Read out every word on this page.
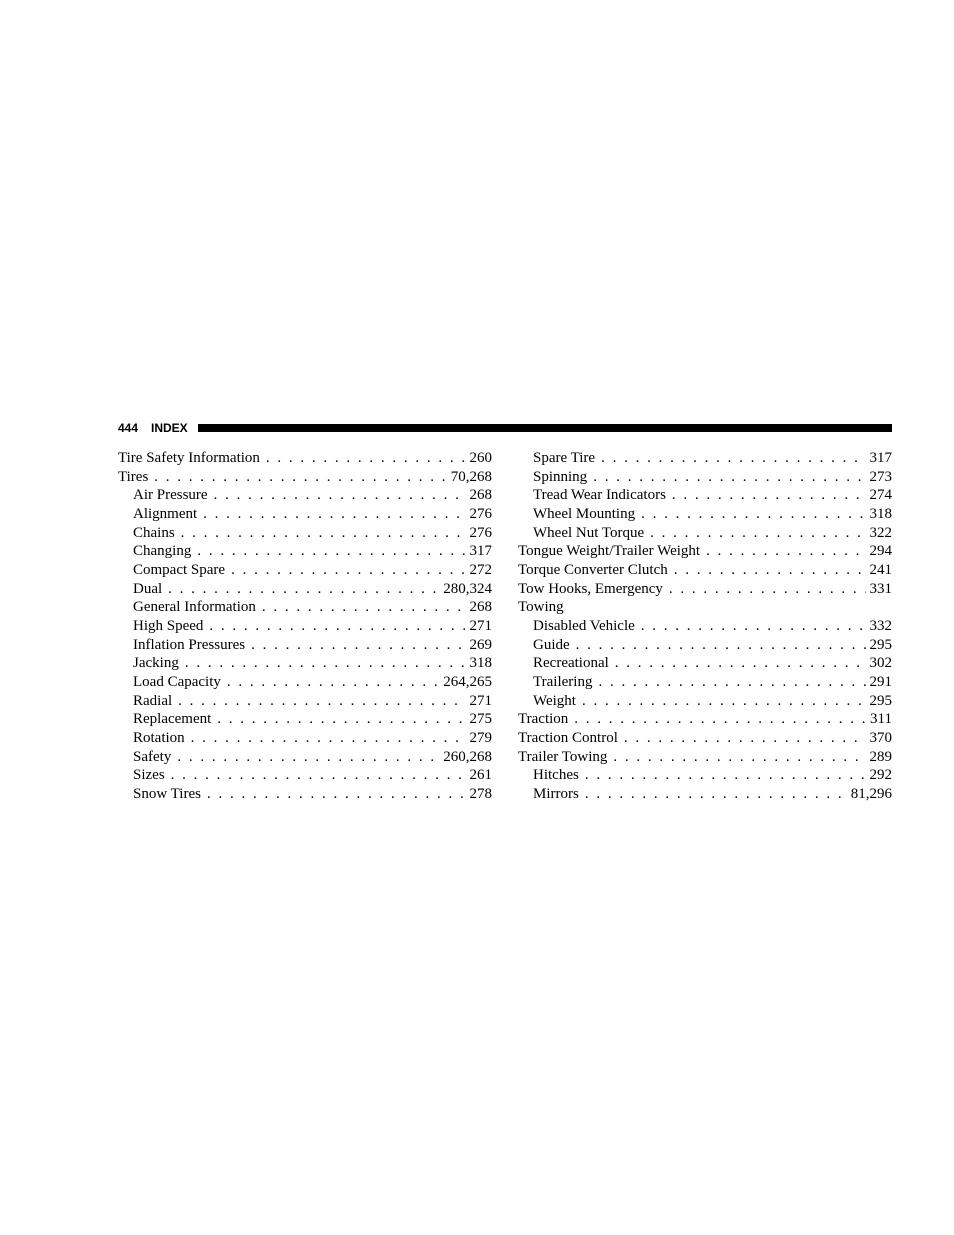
444 INDEX
Tire Safety Information . . .	260
Tires . . .	70,268
Air Pressure . . .	268
Alignment . . .	276
Chains . . .	276
Changing . . .	317
Compact Spare . . .	272
Dual . . .	280,324
General Information . . .	268
High Speed . . .	271
Inflation Pressures . . .	269
Jacking . . .	318
Load Capacity . . .	264,265
Radial . . .	271
Replacement . . .	275
Rotation . . .	279
Safety . . .	260,268
Sizes . . .	261
Snow Tires . . .	278
Spare Tire . . .	317
Spinning . . .	273
Tread Wear Indicators . . .	274
Wheel Mounting . . .	318
Wheel Nut Torque . . .	322
Tongue Weight/Trailer Weight . . .	294
Torque Converter Clutch . . .	241
Tow Hooks, Emergency . . .	331
Towing
Disabled Vehicle . . .	332
Guide . . .	295
Recreational . . .	302
Trailering . . .	291
Weight . . .	295
Traction . . .	311
Traction Control . . .	370
Trailer Towing . . .	289
Hitches . . .	292
Mirrors . . .	81,296
